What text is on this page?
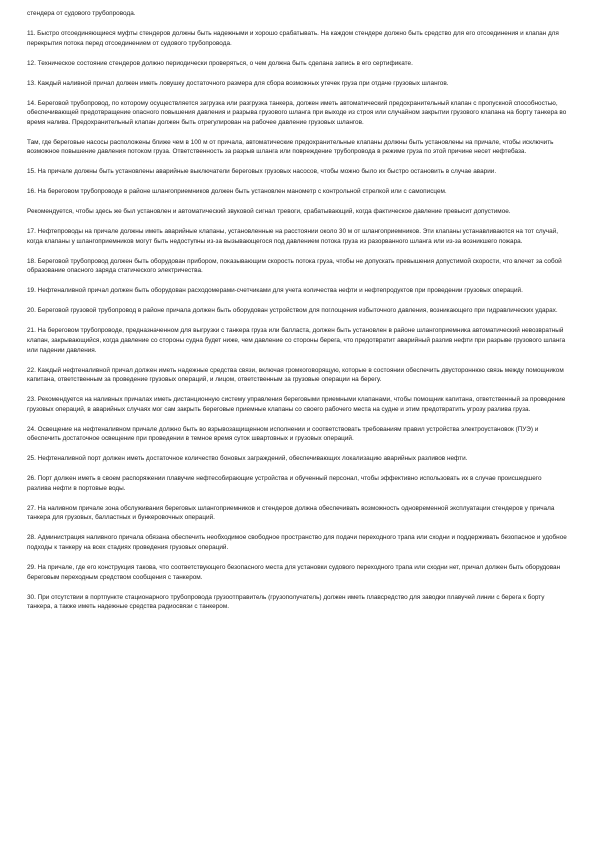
стендера от судового трубопровода.

11. Быстро отсоединяющиеся муфты стендеров должны быть надежными и хорошо срабатывать. На каждом стендере должно быть средство для его отсоединения и клапан для перекрытия потока перед отсоединением от судового трубопровода.

12. Техническое состояние стендеров должно периодически проверяться, о чем должна быть сделана запись в его сертификате.

13. Каждый наливной причал должен иметь ловушку достаточного размера для сбора возможных утечек груза при отдаче грузовых шлангов.

14. Береговой трубопровод, по которому осуществляется загрузка или разгрузка танкера, должен иметь автоматический предохранительный клапан с пропускной способностью, обеспечивающей предотвращение опасного повышения давления и разрыва грузового шланга при выходе из строя или случайном закрытии грузового клапана на борту танкера во время налива. Предохранительный клапан должен быть отрегулирован на рабочее давление грузовых шлангов.

Там, где береговые насосы расположены ближе чем в 100 м от причала, автоматические предохранительные клапаны должны быть установлены на причале, чтобы исключить возможное повышение давления потоком груза. Ответственность за разрыв шланга или повреждение трубопровода в режиме груза по этой причине несет нефтебаза.

15. На причале должны быть установлены аварийные выключатели береговых грузовых насосов, чтобы можно было их быстро остановить в случае аварии.

16. На береговом трубопроводе в районе шлангоприемников должен быть установлен манометр с контрольной стрелкой или с самописцем.

Рекомендуется, чтобы здесь же был установлен и автоматический звуковой сигнал тревоги, срабатывающий, когда фактическое давление превысит допустимое.

17. Нефтепроводы на причале должны иметь аварийные клапаны, установленные на расстоянии около 30 м от шлангоприемников. Эти клапаны устанавливаются на тот случай, когда клапаны у шлангоприемников могут быть недоступны из-за вызывающегося под давлением потока груза из разорванного шланга или из-за возникшего пожара.

18. Береговой трубопровод должен быть оборудован прибором, показывающим скорость потока груза, чтобы не допускать превышения допустимой скорости, что влечет за собой образование опасного заряда статического электричества.

19. Нефтеналивной причал должен быть оборудован расходомерами-счетчиками для учета количества нефти и нефтепродуктов при проведении грузовых операций.

20. Береговой грузовой трубопровод в районе причала должен быть оборудован устройством для поглощения избыточного давления, возникающего при гидравлических ударах.

21. На береговом трубопроводе, предназначенном для выгрузки с танкера груза или балласта, должен быть установлен в районе шлангоприемника автоматический невозвратный клапан, закрывающийся, когда давление со стороны судна будет ниже, чем давление со стороны берега, что предотвратит аварийный разлив нефти при разрыве грузового шланга или падении давления.

22. Каждый нефтеналивной причал должен иметь надежные средства связи, включая громкоговорящую, которые в состоянии обеспечить двустороннюю связь между помощником капитана, ответственным за проведение грузовых операций, и лицом, ответственным за грузовые операции на берегу.

23. Рекомендуется на наливных причалах иметь дистанционную систему управления береговыми приемными клапанами, чтобы помощник капитана, ответственный за проведение грузовых операций, в аварийных случаях мог сам закрыть береговые приемные клапаны со своего рабочего места на судне и этим предотвратить угрозу разлива груза.

24. Освещение на нефтеналивном причале должно быть во взрывозащищенном исполнении и соответствовать требованиям правил устройства электроустановок (ПУЭ) и обеспечить достаточное освещение при проведении в темное время суток швартовных и грузовых операций.

25. Нефтеналивной порт должен иметь достаточное количество боновых заграждений, обеспечивающих локализацию аварийных разливов нефти.

26. Порт должен иметь в своем распоряжении плавучие нефтесобирающие устройства и обученный персонал, чтобы эффективно использовать их в случае происшедшего разлива нефти в портовые воды.

27. На наливном причале зона обслуживания береговых шлангоприемников и стендеров должна обеспечивать возможность одновременной эксплуатации стендеров у причала танкера для грузовых, балластных и бункеровочных операций.

28. Администрация наливного причала обязана обеспечить необходимое свободное пространство для подачи переходного трапа или сходни и поддерживать безопасное и удобное подходы к танкеру на всех стадиях проведения грузовых операций.

29. На причале, где его конструкция такова, что соответствующего безопасного места для установки судового переходного трапа или сходни нет, причал должен быть оборудован береговым переходным средством сообщения с танкером.

30. При отсутствии в портпункте стационарного трубопровода грузоотправитель (грузополучатель) должен иметь плавсредство для заводки плавучей линии с берега к борту танкера, а также иметь надежные средства радиосвязи с танкером.
